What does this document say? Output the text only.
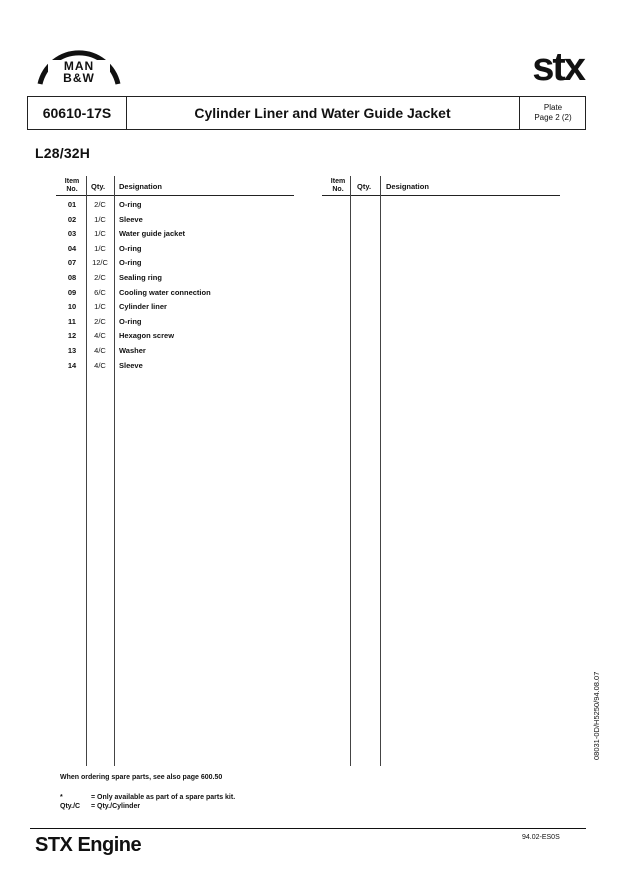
MAN
B&W	stx
60610-17S	Cylinder Liner and Water Guide Jacket	Plate
Page 2 (2)
L28/32H
Item
No.	Qty. Designation
Item
No.	Qty. Designation
01	2/C	O-ring
02	1/C	Sleeve
03	1/C	Water guide jacket
04	1/C	O-ring
07	12/C	O-ring
08	2/C	Sealing ring
09	6/C	Cooling water connection
10	1/C	Cylinder liner
11	2/C	O-ring
12	4/C	Hexagon screw
13	4/C	Washer
14	4/C	Sleeve
When ordering spare parts, see also page 600.50
*	= Only available as part of a spare parts kit.
Qty./C = Qty./Cylinder
08031-0D/H5250/94.08.07
STX Engine	94.02-ES0S
